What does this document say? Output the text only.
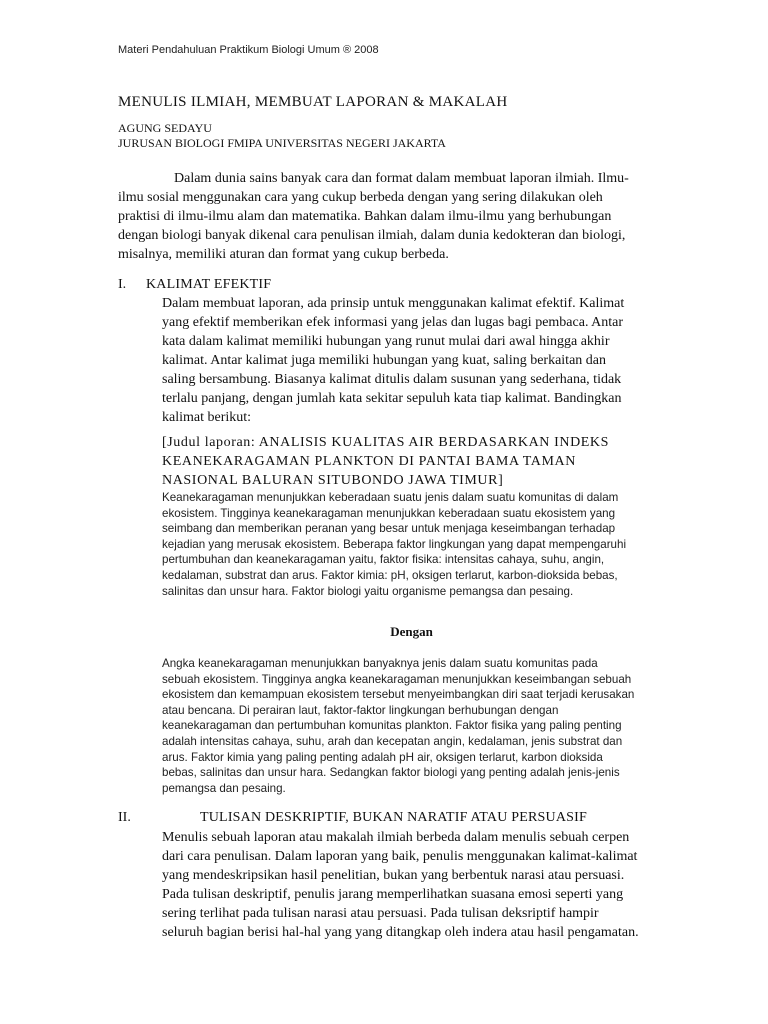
Materi Pendahuluan Praktikum Biologi Umum ® 2008
MENULIS ILMIAH, MEMBUAT LAPORAN & MAKALAH
AGUNG SEDAYU
JURUSAN BIOLOGI FMIPA UNIVERSITAS NEGERI JAKARTA

Dalam dunia sains banyak cara dan format dalam membuat laporan ilmiah. Ilmu-ilmu sosial menggunakan cara yang cukup berbeda dengan yang sering dilakukan oleh praktisi di ilmu-ilmu alam dan matematika. Bahkan dalam ilmu-ilmu yang berhubungan dengan biologi banyak dikenal cara penulisan ilmiah, dalam dunia kedokteran dan biologi, misalnya, memiliki aturan dan format yang cukup berbeda.

I. KALIMAT EFEKTIF

Dalam membuat laporan, ada prinsip untuk menggunakan kalimat efektif. Kalimat yang efektif memberikan efek informasi yang jelas dan lugas bagi pembaca. Antar kata dalam kalimat memiliki hubungan yang runut mulai dari awal hingga akhir kalimat. Antar kalimat juga memiliki hubungan yang kuat, saling berkaitan dan saling bersambung. Biasanya kalimat ditulis dalam susunan yang sederhana, tidak terlalu panjang, dengan jumlah kata sekitar sepuluh kata tiap kalimat. Bandingkan kalimat berikut:

[Judul laporan: ANALISIS KUALITAS AIR BERDASARKAN INDEKS KEANEKARAGAMAN PLANKTON DI PANTAI BAMA TAMAN NASIONAL BALURAN SITUBONDO JAWA TIMUR]

Keanekaragaman menunjukkan keberadaan suatu jenis dalam suatu komunitas di dalam ekosistem. Tingginya keanekaragaman menunjukkan keberadaan suatu ekosistem yang seimbang dan memberikan peranan yang besar untuk menjaga keseimbangan terhadap kejadian yang merusak ekosistem. Beberapa faktor lingkungan yang dapat mempengaruhi pertumbuhan dan keanekaragaman yaitu, faktor fisika: intensitas cahaya, suhu, angin, kedalaman, substrat dan arus. Faktor kimia: pH, oksigen terlarut, karbon-dioksida bebas, salinitas dan unsur hara. Faktor biologi yaitu organisme pemangsa dan pesaing.

Dengan

Angka keanekaragaman menunjukkan banyaknya jenis dalam suatu komunitas pada sebuah ekosistem. Tingginya angka keanekaragaman menunjukkan keseimbangan sebuah ekosistem dan kemampuan ekosistem tersebut menyeimbangkan diri saat terjadi kerusakan atau bencana. Di perairan laut, faktor-faktor lingkungan berhubungan dengan keanekaragaman dan pertumbuhan komunitas plankton. Faktor fisika yang paling penting adalah intensitas cahaya, suhu, arah dan kecepatan angin, kedalaman, jenis substrat dan arus. Faktor kimia yang paling penting adalah pH air, oksigen terlarut, karbon dioksida bebas, salinitas dan unsur hara. Sedangkan faktor biologi yang penting adalah jenis-jenis pemangsa dan pesaing.

II.	TULISAN DESKRIPTIF, BUKAN NARATIF ATAU PERSUASIF

Menulis sebuah laporan atau makalah ilmiah berbeda dalam menulis sebuah cerpen dari cara penulisan. Dalam laporan yang baik, penulis menggunakan kalimat-kalimat yang mendeskripsikan hasil penelitian, bukan yang berbentuk narasi atau persuasi. Pada tulisan deskriptif, penulis jarang memperlihatkan suasana emosi seperti yang sering terlihat pada tulisan narasi atau persuasi. Pada tulisan deksriptif hampir seluruh bagian berisi hal-hal yang yang ditangkap oleh indera atau hasil pengamatan.
